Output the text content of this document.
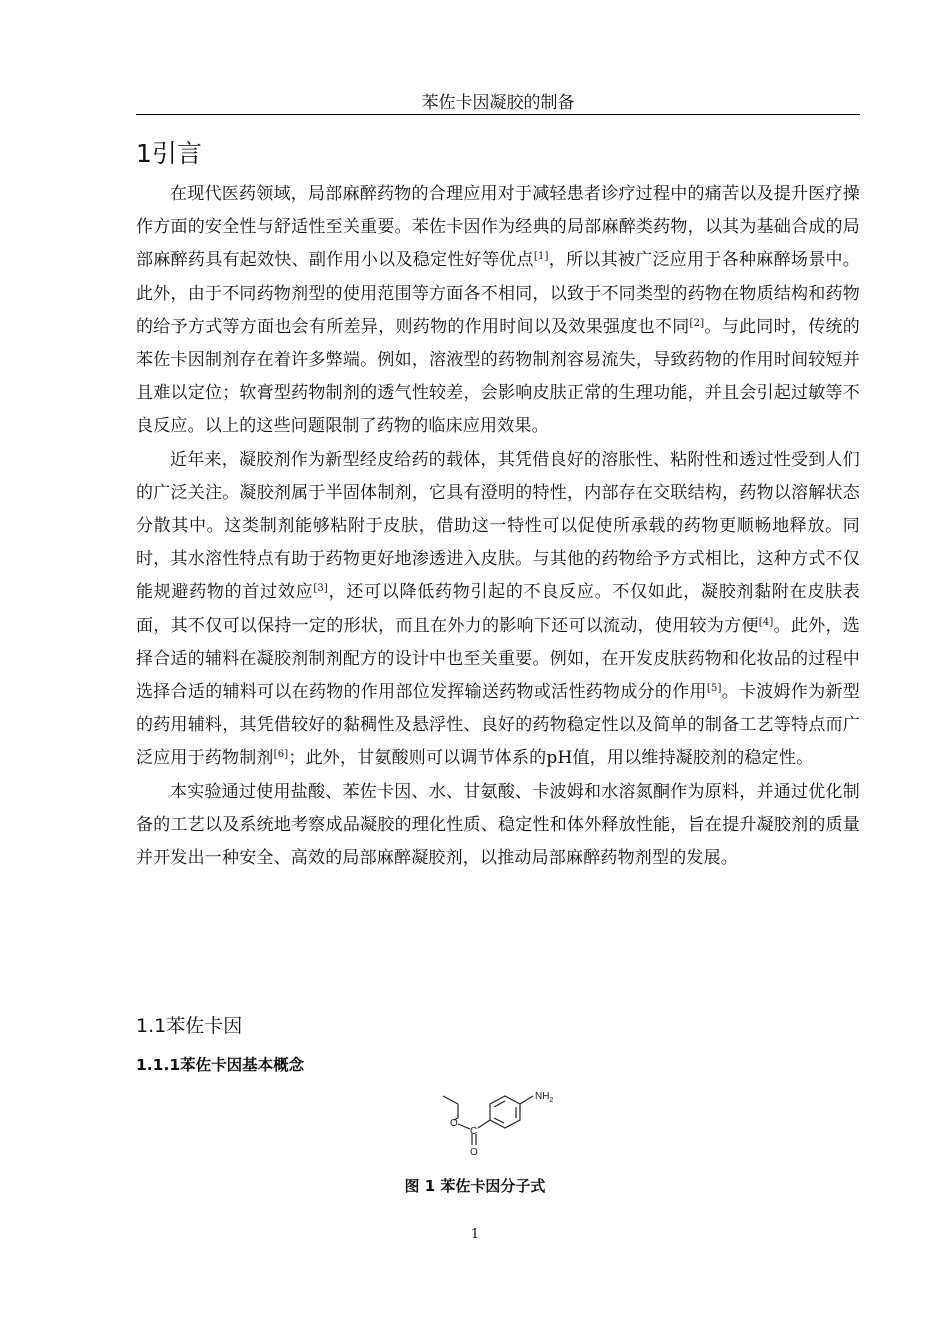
苯佐卡因凝胶的制备
1引言

在现代医药领域，局部麻醉药物的合理应用对于减轻患者诊疗过程中的痛苦以及提升医疗操作方面的安全性与舒适性至关重要。苯佐卡因作为经典的局部麻醉类药物，以其为基础合成的局部麻醉药具有起效快、副作用小以及稳定性好等优点[1]，所以其被广泛应用于各种麻醉场景中。此外，由于不同药物剂型的使用范围等方面各不相同，以致于不同类型的药物在物质结构和药物的给予方式等方面也会有所差异，则药物的作用时间以及效果强度也不同[2]。与此同时，传统的苯佐卡因制剂存在着许多弊端。例如，溶液型的药物制剂容易流失，导致药物的作用时间较短并且难以定位；软膏型药物制剂的透气性较差，会影响皮肤正常的生理功能，并且会引起过敏等不良反应。以上的这些问题限制了药物的临床应用效果。

近年来，凝胶剂作为新型经皮给药的载体，其凭借良好的溶胀性、粘附性和透过性受到人们的广泛关注。凝胶剂属于半固体制剂，它具有澄明的特性，内部存在交联结构，药物以溶解状态分散其中。这类制剂能够粘附于皮肤，借助这一特性可以促使所承载的药物更顺畅地释放。同时，其水溶性特点有助于药物更好地渗透进入皮肤。与其他的药物给予方式相比，这种方式不仅能规避药物的首过效应[3]，还可以降低药物引起的不良反应。不仅如此，凝胶剂黏附在皮肤表面，其不仅可以保持一定的形状，而且在外力的影响下还可以流动，使用较为方便[4]。此外，选择合适的辅料在凝胶剂制剂配方的设计中也至关重要。例如，在开发皮肤药物和化妆品的过程中选择合适的辅料可以在药物的作用部位发挥输送药物或活性药物成分的作用[5]。卡波姆作为新型的药用辅料，其凭借较好的黏稠性及悬浮性、良好的药物稳定性以及简单的制备工艺等特点而广泛应用于药物制剂[6]；此外，甘氨酸则可以调节体系的pH值，用以维持凝胶剂的稳定性。

本实验通过使用盐酸、苯佐卡因、水、甘氨酸、卡波姆和水溶氮酮作为原料，并通过优化制备的工艺以及系统地考察成品凝胶的理化性质、稳定性和体外释放性能，旨在提升凝胶剂的质量并开发出一种安全、高效的局部麻醉凝胶剂，以推动局部麻醉药物剂型的发展。

1.1苯佐卡因
1.1.1苯佐卡因基本概念
$NH_2$
O
C
O
图 1 苯佐卡因分子式
1
